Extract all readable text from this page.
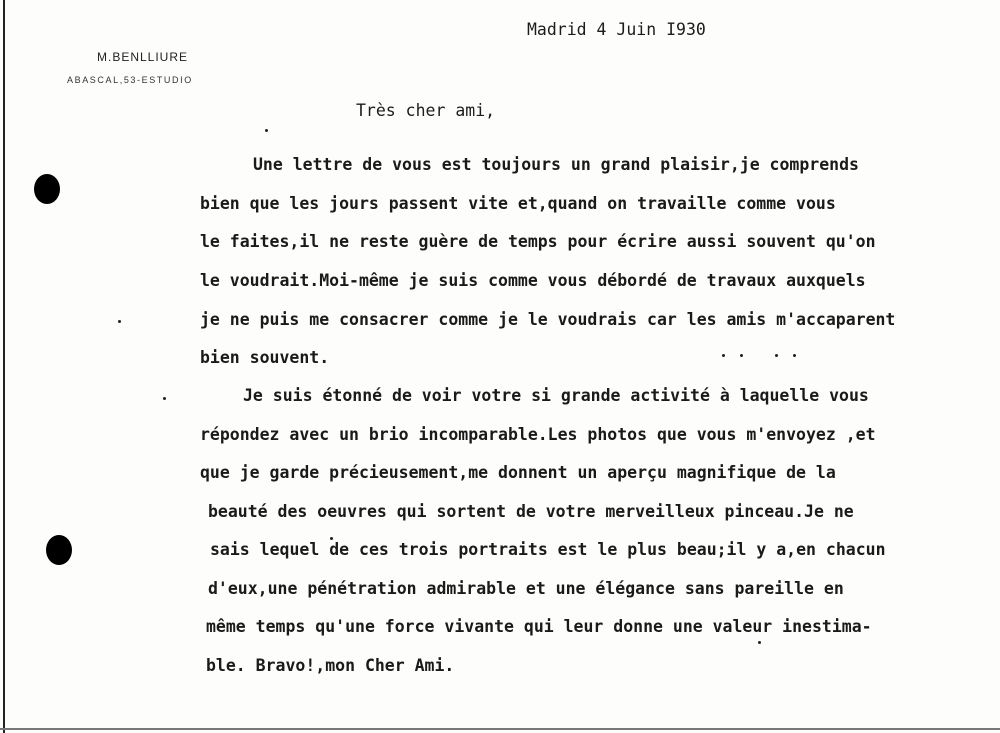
M.BENLLIURE
ABASCAL,53-ESTUDIO
Madrid 4 Juin I930
Très cher ami,
Une lettre de vous est toujours un grand plaisir,je comprends
bien que les jours passent vite et,quand on travaille comme vous
le faites,il ne reste guère de temps pour écrire aussi souvent qu'on
le voudrait.Moi-même je suis comme vous débordé de travaux auxquels
je ne puis me consacrer comme je le voudrais car les amis m'accaparent
bien souvent.
Je suis étonné de voir votre si grande activité à laquelle vous
répondez avec un brio incomparable.Les photos que vous m'envoyez ,et
que je garde précieusement,me donnent un aperçu magnifique de la
beauté des oeuvres qui sortent de votre merveilleux pinceau.Je ne
sais lequel de ces trois portraits est le plus beau;il y a,en chacun
d'eux,une pénétration admirable et une élégance sans pareille en
même temps qu'une force vivante qui leur donne une valeur inestima-
ble. Bravo!,mon Cher Ami.
